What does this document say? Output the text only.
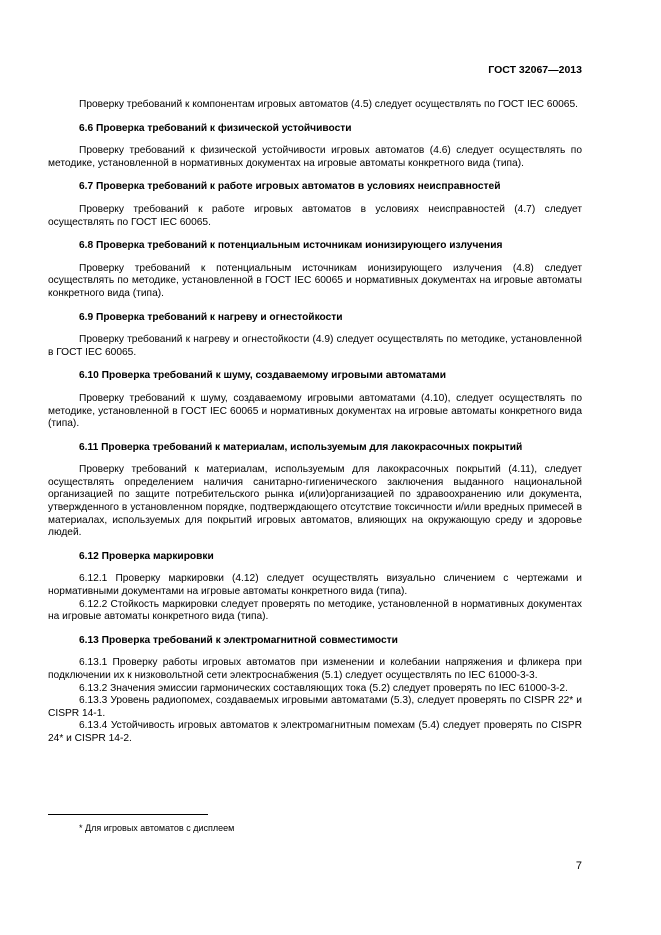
ГОСТ 32067—2013

Проверку требований к компонентам игровых автоматов (4.5) следует осуществлять по ГОСТ IEC 60065.

6.6 Проверка требований к физической устойчивости

Проверку требований к физической устойчивости игровых автоматов (4.6) следует осуществлять по методике, установленной в нормативных документах на игровые автоматы конкретного вида (типа).

6.7 Проверка требований к работе игровых автоматов в условиях неисправностей

Проверку требований к работе игровых автоматов в условиях неисправностей (4.7) следует осуществлять по ГОСТ IEC 60065.

6.8 Проверка требований к потенциальным источникам ионизирующего излучения

Проверку требований к потенциальным источникам ионизирующего излучения (4.8) следует осуществлять по методике, установленной в ГОСТ IEC 60065 и нормативных документах на игровые автоматы конкретного вида (типа).

6.9 Проверка требований к нагреву и огнестойкости

Проверку требований к нагреву и огнестойкости (4.9) следует осуществлять по методике, установленной в ГОСТ IEC 60065.

6.10 Проверка требований к шуму, создаваемому игровыми автоматами

Проверку требований к шуму, создаваемому игровыми автоматами (4.10), следует осуществлять по методике, установленной в ГОСТ IEC 60065 и нормативных документах на игровые автоматы конкретного вида (типа).

6.11 Проверка требований к материалам, используемым для лакокрасочных покрытий

Проверку требований к материалам, используемым для лакокрасочных покрытий (4.11), следует осуществлять определением наличия санитарно-гигиенического заключения выданного национальной организацией по защите потребительского рынка и(или)организацией по здравоохранению или документа, утвержденного в установленном порядке, подтверждающего отсутствие токсичности и/или вредных примесей в материалах, используемых для покрытий игровых автоматов, влияющих на окружающую среду и здоровье людей.

6.12 Проверка маркировки

6.12.1 Проверку маркировки (4.12) следует осуществлять визуально сличением с чертежами и нормативными документами на игровые автоматы конкретного вида (типа).

6.12.2 Стойкость маркировки следует проверять по методике, установленной в нормативных документах на игровые автоматы конкретного вида (типа).

6.13 Проверка требований к электромагнитной совместимости

6.13.1 Проверку работы игровых автоматов при изменении и колебании напряжения и фликера при подключении их к низковольтной сети электроснабжения (5.1) следует осуществлять по IEC 61000-3-3.

6.13.2 Значения эмиссии гармонических составляющих тока (5.2) следует проверять по IEC 61000-3-2.

6.13.3 Уровень радиопомех, создаваемых игровыми автоматами (5.3), следует проверять по CISPR 22* и CISPR 14-1.

6.13.4 Устойчивость игровых автоматов к электромагнитным помехам (5.4) следует проверять по CISPR 24* и CISPR 14-2.

* Для игровых автоматов с дисплеем
7
